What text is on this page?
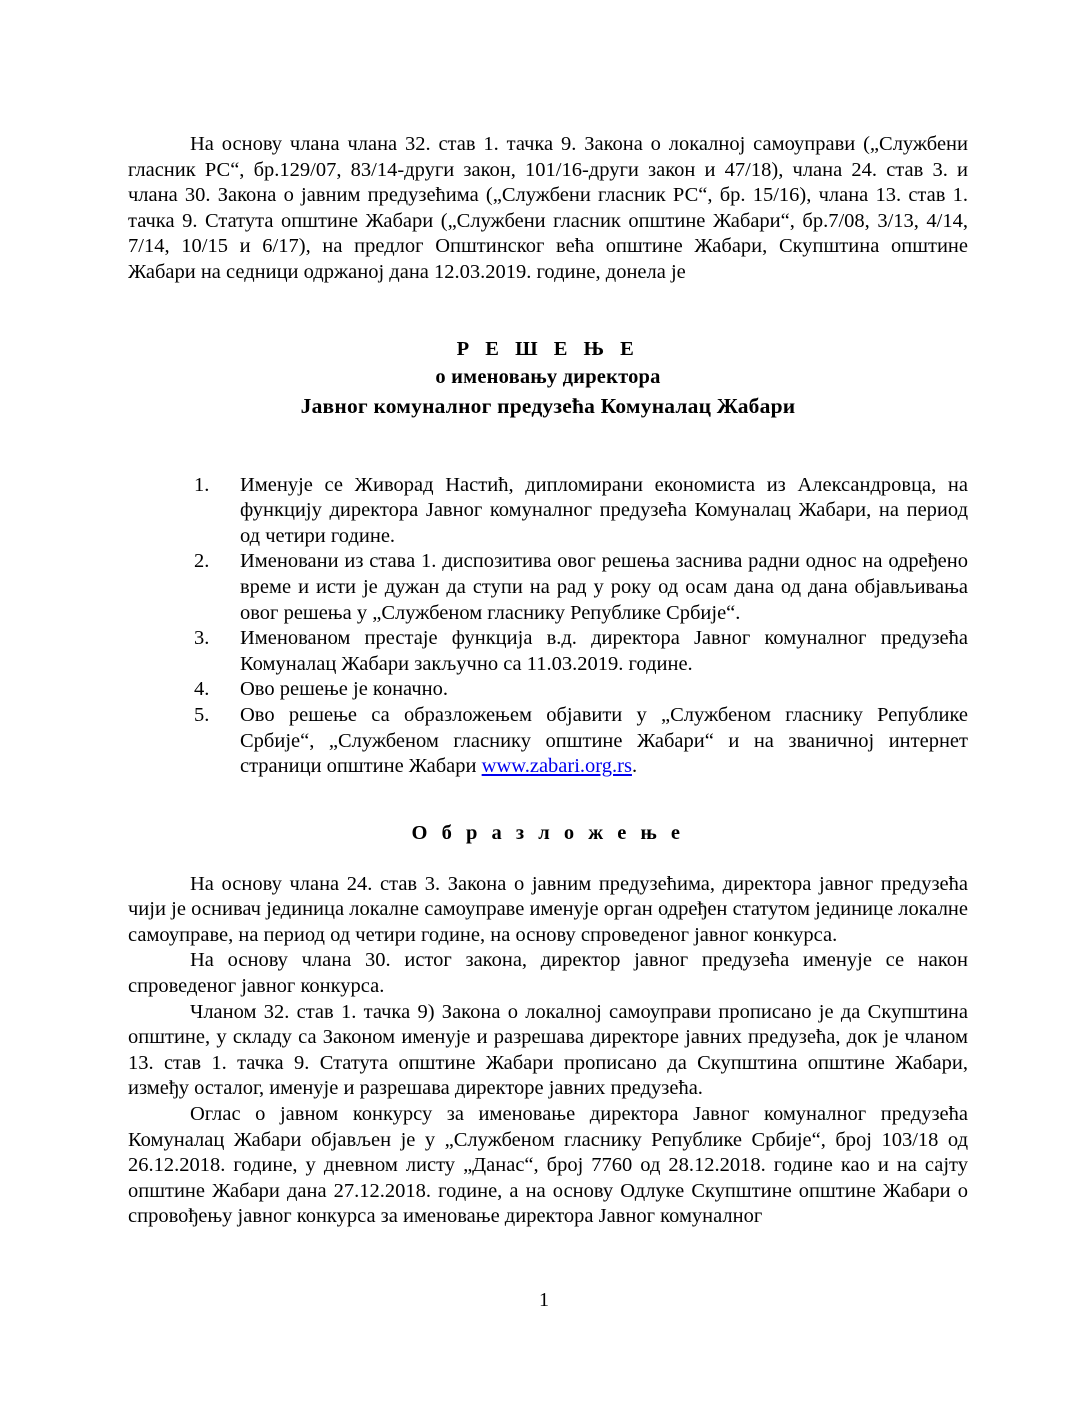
На основу члана члана 32. став 1. тачка 9. Закона о локалној самоуправи („Службени гласник РС“, бр.129/07, 83/14-други закон, 101/16-други закон и 47/18), члана 24. став 3. и члана 30. Закона о јавним предузећима („Службени гласник РС“, бр. 15/16), члана 13. став 1. тачка 9. Статута општине Жабари („Службени гласник општине Жабари“, бр.7/08, 3/13, 4/14, 7/14, 10/15 и 6/17), на предлог Општинског већа општине Жабари, Скупштина општине Жабари на седници одржаној дана 12.03.2019. године, донела је

Р Е Ш Е Њ Е
о именовању директора
Јавног комуналног предузећа Комуналац Жабари
1.	Именује се Живорад Настић, дипломирани економиста из Александровца, на функцију директора Јавног комуналног предузећа Комуналац Жабари, на период од четири године.
2.	Именовани из става 1. диспозитива овог решења заснива радни однос на одређено време и исти је дужан да ступи на рад у року од осам дана од дана објављивања овог решења у „Службеном гласнику Републике Србије“.
3.	Именованом престаје функција в.д. директора Јавног комуналног предузећа Комуналац Жабари закључно са 11.03.2019. године.
4.	Ово решење је коначно.
5.	Ово решење са образложењем објавити у „Службеном гласнику Републике Србије“, „Службеном гласнику општине Жабари“ и на званичној интернет страници општине Жабари www.zabari.org.rs.
О б р а з л о ж е њ е

На основу члана 24. став 3. Закона о јавним предузећима, директора јавног предузећа чији је оснивач јединица локалне самоуправе именује орган одређен статутом јединице локалне самоуправе, на период од четири године, на основу спроведеног јавног конкурса.

На основу члана 30. истог закона, директор јавног предузећа именује се након спроведеног јавног конкурса.

Чланом 32. став 1. тачка 9) Закона о локалној самоуправи прописано је да Скупштина општине, у складу са Законом именује и разрешава директоре јавних предузећа, док је чланом 13. став 1. тачка 9. Статута општине Жабари прописано да Скупштина општине Жабари, између осталог, именује и разрешава директоре јавних предузећа.

Оглас о јавном конкурсу за именовање директора Јавног комуналног предузећа Комуналац Жабари објављен је у „Службеном гласнику Републике Србије“, број 103/18 од 26.12.2018. године, у дневном листу „Данас“, број 7760 од 28.12.2018. године као и на сајту општине Жабари дана 27.12.2018. године, а на основу Одлуке Скупштине општине Жабари о спровођењу јавног конкурса за именовање директора Јавног комуналног

1
